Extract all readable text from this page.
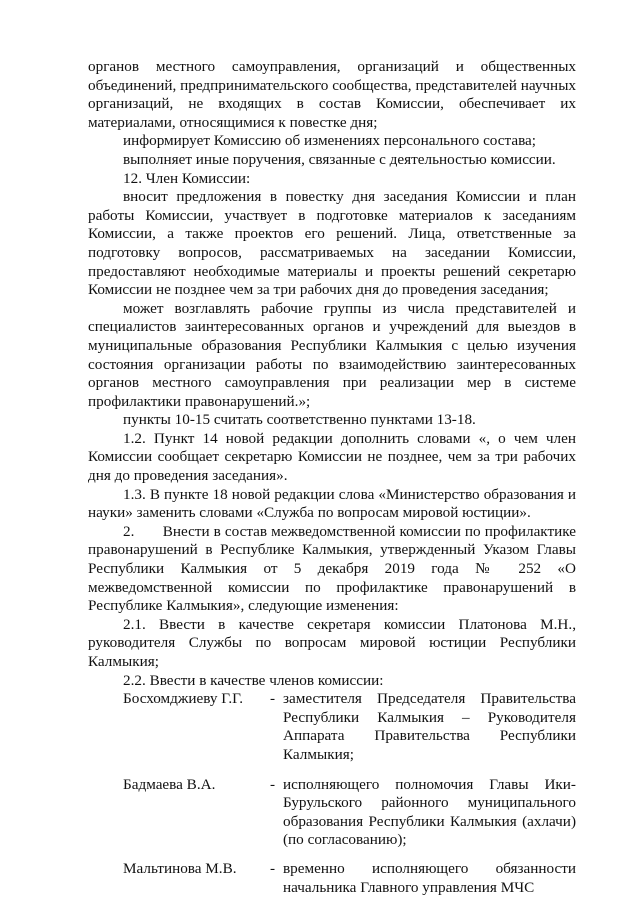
органов местного самоуправления, организаций и общественных объединений, предпринимательского сообщества, представителей научных организаций, не входящих в состав Комиссии, обеспечивает их материалами, относящимися к повестке дня;

информирует Комиссию об изменениях персонального состава;

выполняет иные поручения, связанные с деятельностью комиссии.

12. Член Комиссии:

вносит предложения в повестку дня заседания Комиссии и план работы Комиссии, участвует в подготовке материалов к заседаниям Комиссии, а также проектов его решений. Лица, ответственные за подготовку вопросов, рассматриваемых на заседании Комиссии, предоставляют необходимые материалы и проекты решений секретарю Комиссии не позднее чем за три рабочих дня до проведения заседания;

может возглавлять рабочие группы из числа представителей и специалистов заинтересованных органов и учреждений для выездов в муниципальные образования Республики Калмыкия с целью изучения состояния организации работы по взаимодействию заинтересованных органов местного самоуправления при реализации мер в системе профилактики правонарушений.»;

пункты 10-15 считать соответственно пунктами 13-18.

1.2. Пункт 14 новой редакции дополнить словами «, о чем член Комиссии сообщает секретарю Комиссии не позднее, чем за три рабочих дня до проведения заседания».

1.3. В пункте 18 новой редакции слова «Министерство образования и науки» заменить словами «Служба по вопросам мировой юстиции».

2.       Внести в состав межведомственной комиссии по профилактике правонарушений в Республике Калмыкия, утвержденный Указом Главы Республики Калмыкия от 5 декабря 2019 года № 252 «О межведомственной комиссии по профилактике правонарушений в Республике Калмыкия», следующие изменения:

2.1. Ввести в качестве секретаря комиссии Платонова М.Н., руководителя Службы по вопросам мировой юстиции Республики Калмыкия;

2.2. Ввести в качестве членов комиссии:

Босхомджиеву Г.Г.	- заместителя Председателя Правительства Республики Калмыкия – Руководителя Аппарата Правительства Республики Калмыкия;
Бадмаева В.А.	- исполняющего полномочия Главы Ики-Бурульского районного муниципального образования Республики Калмыкия (ахлачи) (по согласованию);
Мальтинова М.В.	- временно исполняющего обязанности начальника Главного управления МЧС
